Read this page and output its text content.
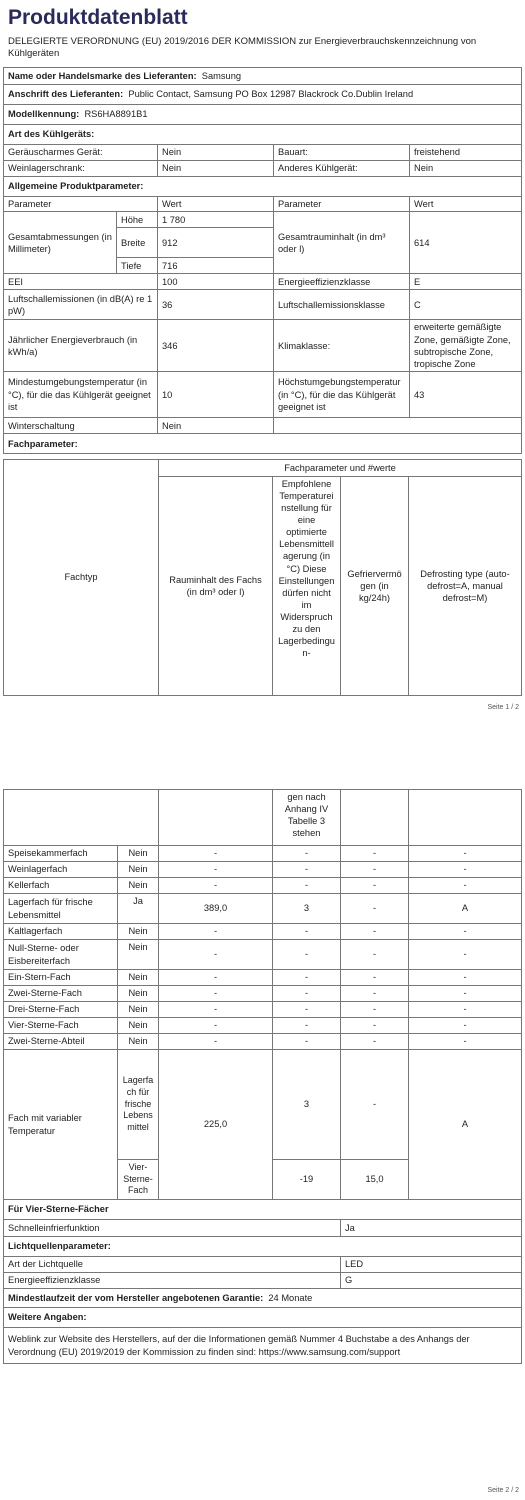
Produktdatenblatt
DELEGIERTE VERORDNUNG (EU) 2019/2016 DER KOMMISSION zur Energieverbrauchskennzeichnung von Kühlgeräten
Name oder Handelsmarke des Lieferanten: Samsung				
Anschrift des Lieferanten: Public Contact, Samsung PO Box 12987 Blackrock Co.Dublin Ireland				
Modellkennung: RS6HA8891B1				
Art des Kühlgeräts:				
Geräuscharmes Gerät:		Nein	Bauart:	freistehend
Weinlagerschrank:		Nein	Anderes Kühlgerät:	Nein
Allgemeine Produktparameter:				
Parameter		Wert	Parameter	Wert
Gesamtabmessungen (in Millimeter)	Höhe	1 780	Gesamtrauminhalt (in dm³ oder l)	614
	Breite	912		
	Tiefe	716		
EEI		100	Energieeffizienzklasse	E
Luftschallemissionen (in dB(A) re 1 pW)		36	Luftschallemissionsklasse	C
Jährlicher Energieverbrauch (in kWh/a)		346	Klimaklasse:	erweiterte gemäßigte Zone, gemäßigte Zone, subtropische Zone, tropische Zone
Mindestumgebungstemperatur (in °C), für die das Kühlgerät geeignet ist		10	Höchstumgebungstemperatur (in °C), für die das Kühlgerät geeignet ist	43
Winterschaltung		Nein		
Fachparameter:				
Fachtyp	Fachparameter und #werte			
	Rauminhalt des Fachs (in dm³ oder l)	Empfohlene Temperatureinstellung für eine optimierte Lebensmittellagerung (in °C) Diese Einstellungen dürfen nicht im Widerspruch zu den Lagerbedingun-	Gefriervermögen (in kg/24h)	Defrosting type (auto-defrost=A, manual defrost=M)
Seite 1 / 2
			gen nach Anhang IV Tabelle 3 stehen		
Speisekammerfach	Nein	-	-	-	-
Weinlagerfach	Nein	-	-	-	-
Kellerfach	Nein	-	-	-	-
Lagerfach für frische Lebensmittel	Ja	389,0	3	-	A
Kaltlagerfach	Nein	-	-	-	-
Null-Sterne- oder Eisbereiterfach	Nein	-	-	-	-
Ein-Stern-Fach	Nein	-	-	-	-
Zwei-Sterne-Fach	Nein	-	-	-	-
Drei-Sterne-Fach	Nein	-	-	-	-
Vier-Sterne-Fach	Nein	-	-	-	-
Zwei-Sterne-Abteil	Nein	-	-	-	-
Fach mit variabler Temperatur	Lagerfach für frische Lebensmittel	225,0	3	-	A
	Vier-Sterne-Fach		-19	15,0	
Für Vier-Sterne-Fächer					
Schnelleinfrierfunktion				Ja	
Lichtquellenparameter:					
Art der Lichtquelle				LED	
Energieeffizienzklasse				G	
Mindestlaufzeit der vom Hersteller angebotenen Garantie: 24 Monate					
Weitere Angaben:					
Weblink zur Website des Herstellers, auf der die Informationen gemäß Nummer 4 Buchstabe a des Anhangs der Verordnung (EU) 2019/2019 der Kommission zu finden sind: https://www.samsung.com/support					
Seite 2 / 2
